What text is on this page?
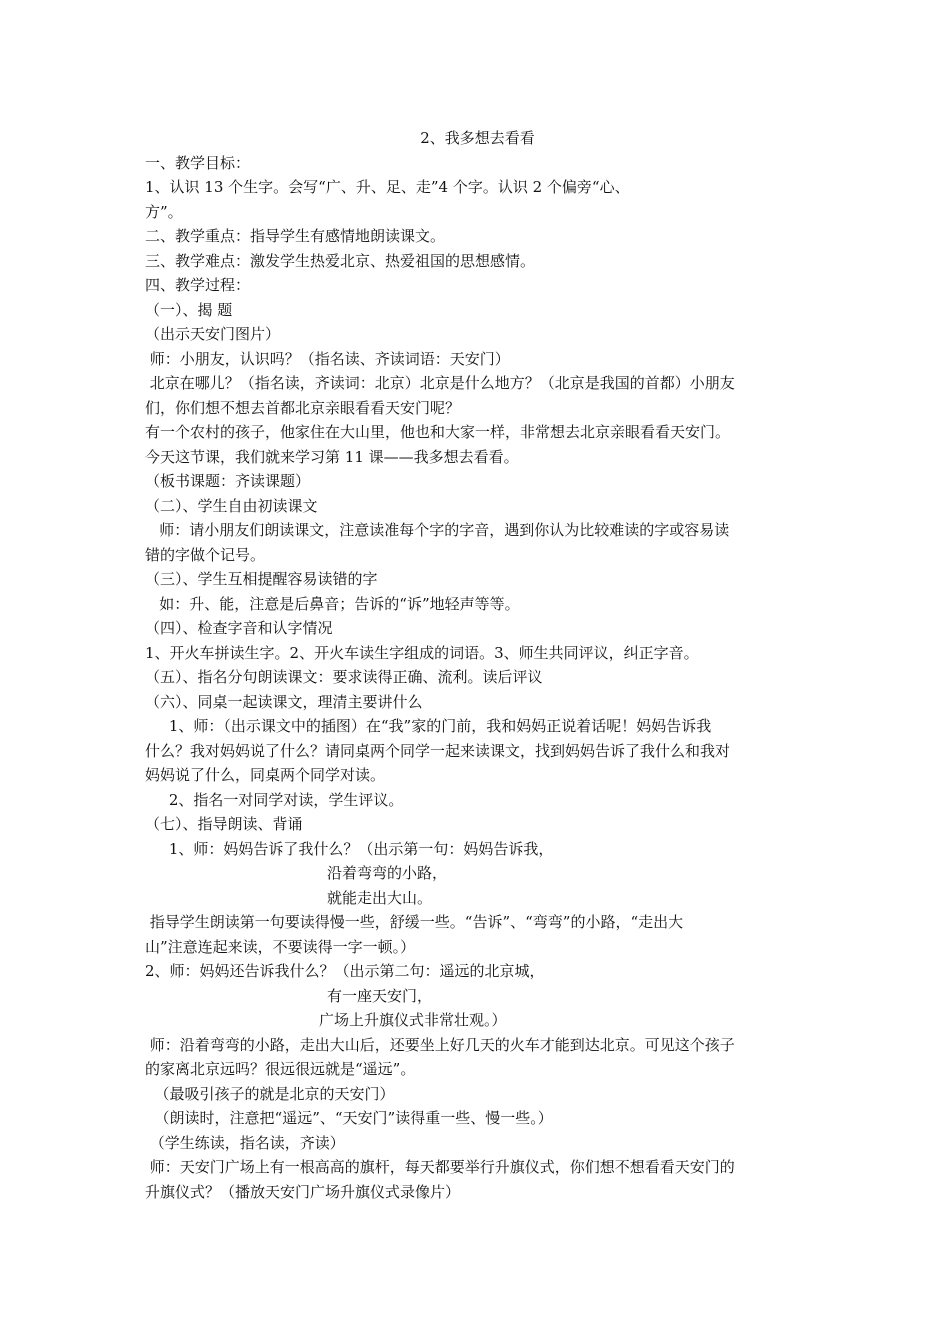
2、我多想去看看
一、教学目标：
1、认识 13 个生字。会写“广、升、足、走”4 个字。认识 2 个偏旁“心、
方”。
二、教学重点：指导学生有感情地朗读课文。
三、教学难点：激发学生热爱北京、热爱祖国的思想感情。
四、教学过程：
（一）、揭 题
（出示天安门图片）
师：小朋友，认识吗？（指名读、齐读词语：天安门）
北京在哪儿？（指名读，齐读词：北京）北京是什么地方？（北京是我国的首都）小朋友
们，你们想不想去首都北京亲眼看看天安门呢？
有一个农村的孩子，他家住在大山里，他也和大家一样，非常想去北京亲眼看看天安门。
今天这节课，我们就来学习第 11 课——我多想去看看。
（板书课题：齐读课题）
（二）、学生自由初读课文
师：请小朋友们朗读课文，注意读准每个字的字音，遇到你认为比较难读的字或容易读
错的字做个记号。
（三）、学生互相提醒容易读错的字
如：升、能，注意是后鼻音；告诉的“诉”地轻声等等。
（四）、检查字音和认字情况
1、开火车拼读生字。2、开火车读生字组成的词语。3、师生共同评议，纠正字音。
（五）、指名分句朗读课文：要求读得正确、流利。读后评议
（六）、同桌一起读课文，理清主要讲什么
1、师：（出示课文中的插图）在“我”家的门前，我和妈妈正说着话呢！妈妈告诉我
什么？我对妈妈说了什么？请同桌两个同学一起来读课文，找到妈妈告诉了我什么和我对
妈妈说了什么，同桌两个同学对读。
2、指名一对同学对读，学生评议。
（七）、指导朗读、背诵
1、师：妈妈告诉了我什么？（出示第一句：妈妈告诉我，
沿着弯弯的小路，
就能走出大山。
指导学生朗读第一句要读得慢一些，舒缓一些。“告诉”、“弯弯”的小路，“走出大
山”注意连起来读，不要读得一字一顿。）
2、师：妈妈还告诉我什么？（出示第二句：遥远的北京城，
有一座天安门，
广场上升旗仪式非常壮观。）
师：沿着弯弯的小路，走出大山后，还要坐上好几天的火车才能到达北京。可见这个孩子
的家离北京远吗？很远很远就是“遥远”。
（最吸引孩子的就是北京的天安门）
（朗读时，注意把“遥远”、“天安门”读得重一些、慢一些。）
（学生练读，指名读，齐读）
师：天安门广场上有一根高高的旗杆，每天都要举行升旗仪式，你们想不想看看天安门的
升旗仪式？（播放天安门广场升旗仪式录像片）
